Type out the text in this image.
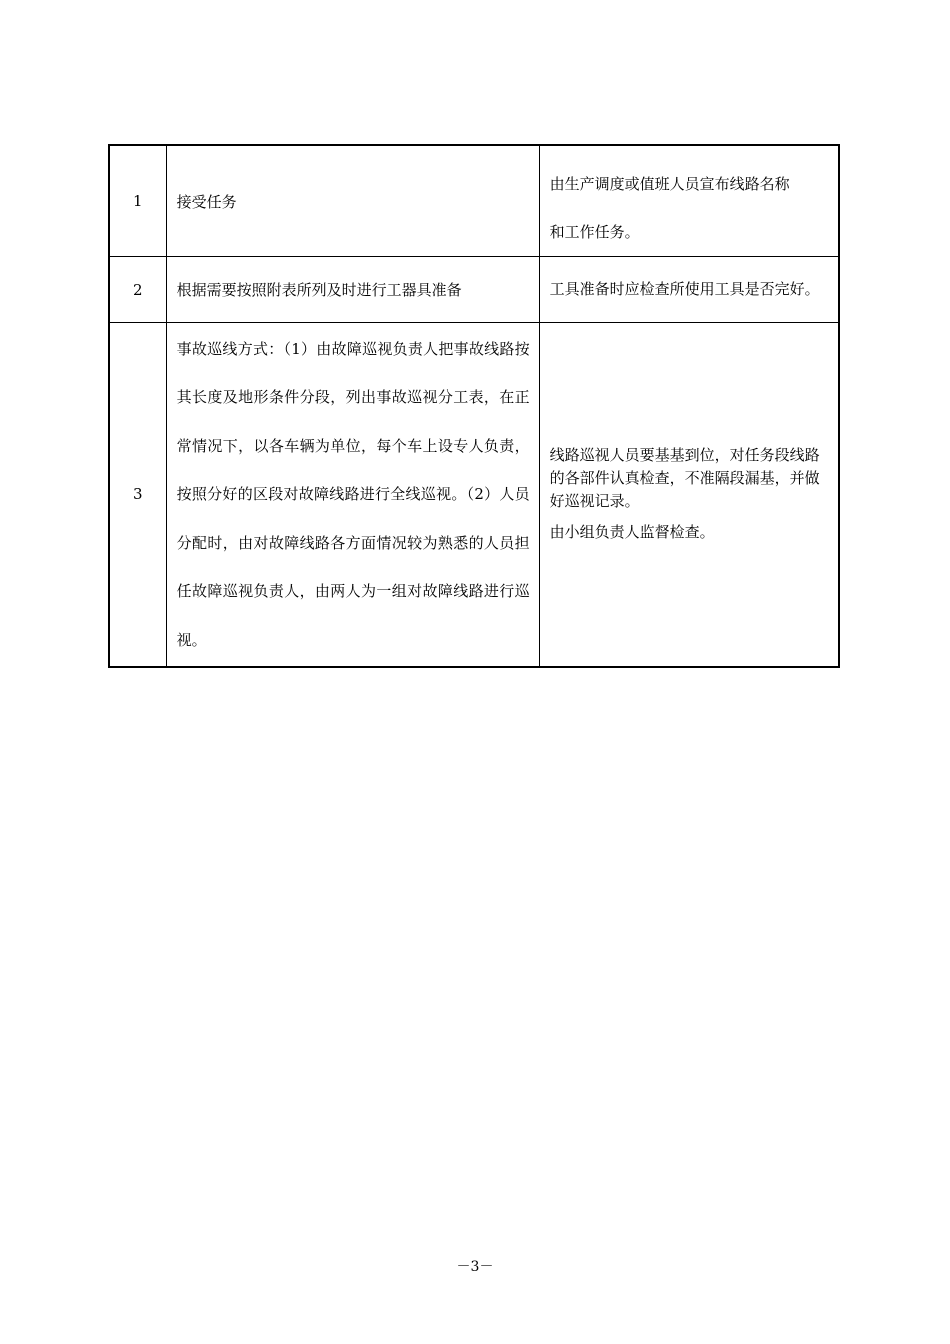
1	接受任务	由生产调度或值班人员宣布线路名称

和工作任务。

2	根据需要按照附表所列及时进行工器具准备	工具准备时应检查所使用工具是否完好。

3	事故巡线方式：（1）由故障巡视负责人把事故线路按其长度及地形条件分段，列出事故巡视分工表，在正常情况下，以各车辆为单位，每个车上设专人负责，按照分好的区段对故障线路进行全线巡视。（2）人员分配时，由对故障线路各方面情况较为熟悉的人员担任故障巡视负责人，由两人为一组对故障线路进行巡视。	线路巡视人员要基基到位，对任务段线路的各部件认真检查，不准隔段漏基，并做好巡视记录。

由小组负责人监督检查。

－3－
